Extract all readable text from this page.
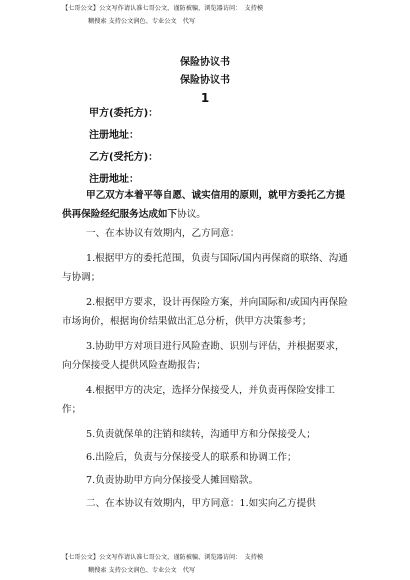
【七哥公文】公文写作请认准七哥公文，谨防被骗，浏览器访问：　支持模
糊搜索 支持公文润色、专业公文　代写
保险协议书
保险协议书
1
甲方(委托方)：
注册地址：
乙方(受托方)：
注册地址：

甲乙双方本着平等自愿、诚实信用的原则，就甲方委托乙方提供再保险经纪服务达成如下协议。

一、在本协议有效期内，乙方同意：

1.根据甲方的委托范围，负责与国际/国内再保商的联络、沟通与协调；

2.根据甲方要求，设计再保险方案，并向国际和/或国内再保险市场询价，根据询价结果做出汇总分析，供甲方决策参考；

3.协助甲方对项目进行风险查勘、识别与评估，并根据要求，向分保接受人提供风险查勘报告；

4.根据甲方的决定，选择分保接受人，并负责再保险安排工作；

5.负责就保单的注销和续转，沟通甲方和分保接受人；

6.出险后，负责与分保接受人的联系和协调工作；

7.负责协助甲方向分保接受人摊回赔款。

二、在本协议有效期内，甲方同意：1.如实向乙方提供

【七哥公文】公文写作请认准七哥公文，谨防被骗，浏览器访问：　支持模
糊搜索 支持公文润色、专业公文　代写
